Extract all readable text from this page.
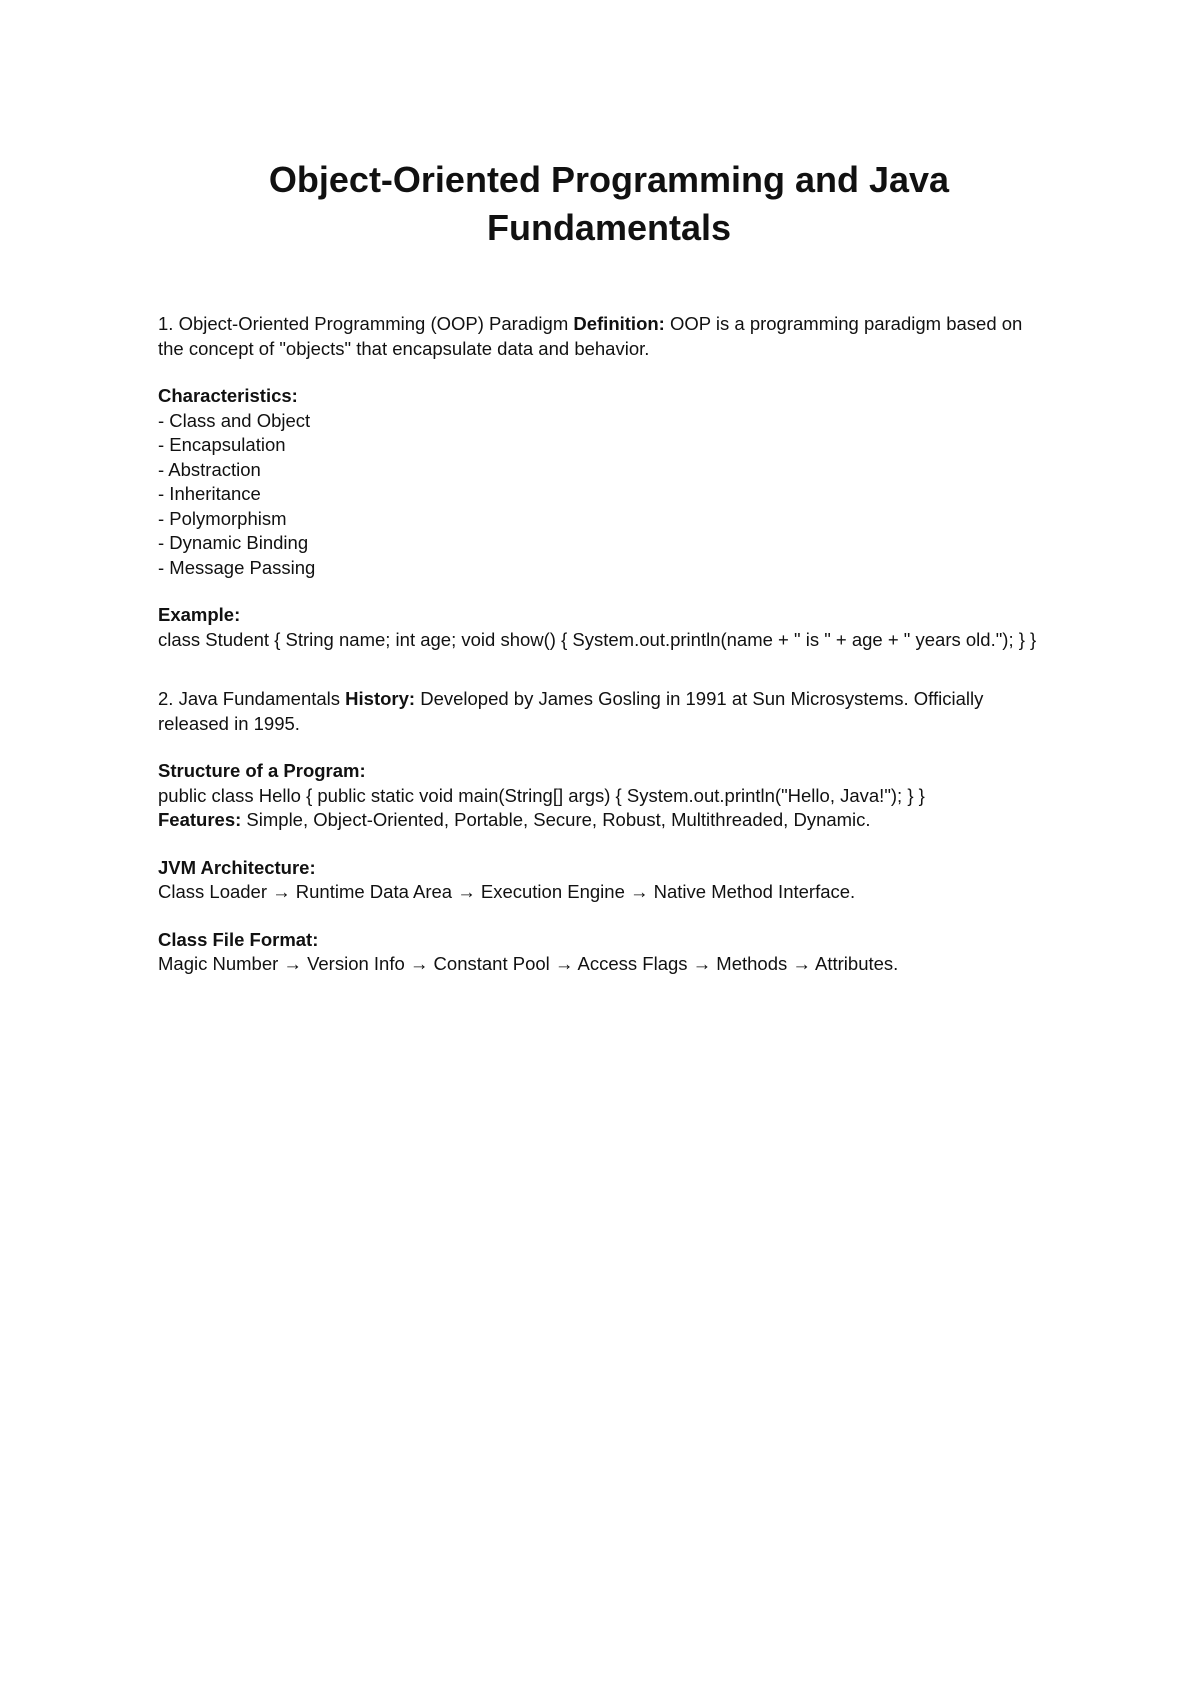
Object-Oriented Programming and Java
Fundamentals

1. Object-Oriented Programming (OOP) Paradigm Definition: OOP is a programming paradigm based on the concept of "objects" that encapsulate data and behavior.

Characteristics:
- Class and Object
- Encapsulation
- Abstraction
- Inheritance
- Polymorphism
- Dynamic Binding
- Message Passing

Example:
class Student { String name; int age; void show() { System.out.println(name + " is " + age + " years old."); } }

2. Java Fundamentals History: Developed by James Gosling in 1991 at Sun Microsystems. Officially released in 1995.

Structure of a Program:
public class Hello { public static void main(String[] args) { System.out.println("Hello, Java!"); } }
Features: Simple, Object-Oriented, Portable, Secure, Robust, Multithreaded, Dynamic.

JVM Architecture:
Class Loader → Runtime Data Area → Execution Engine → Native Method Interface.

Class File Format:
Magic Number → Version Info → Constant Pool → Access Flags → Methods → Attributes.
